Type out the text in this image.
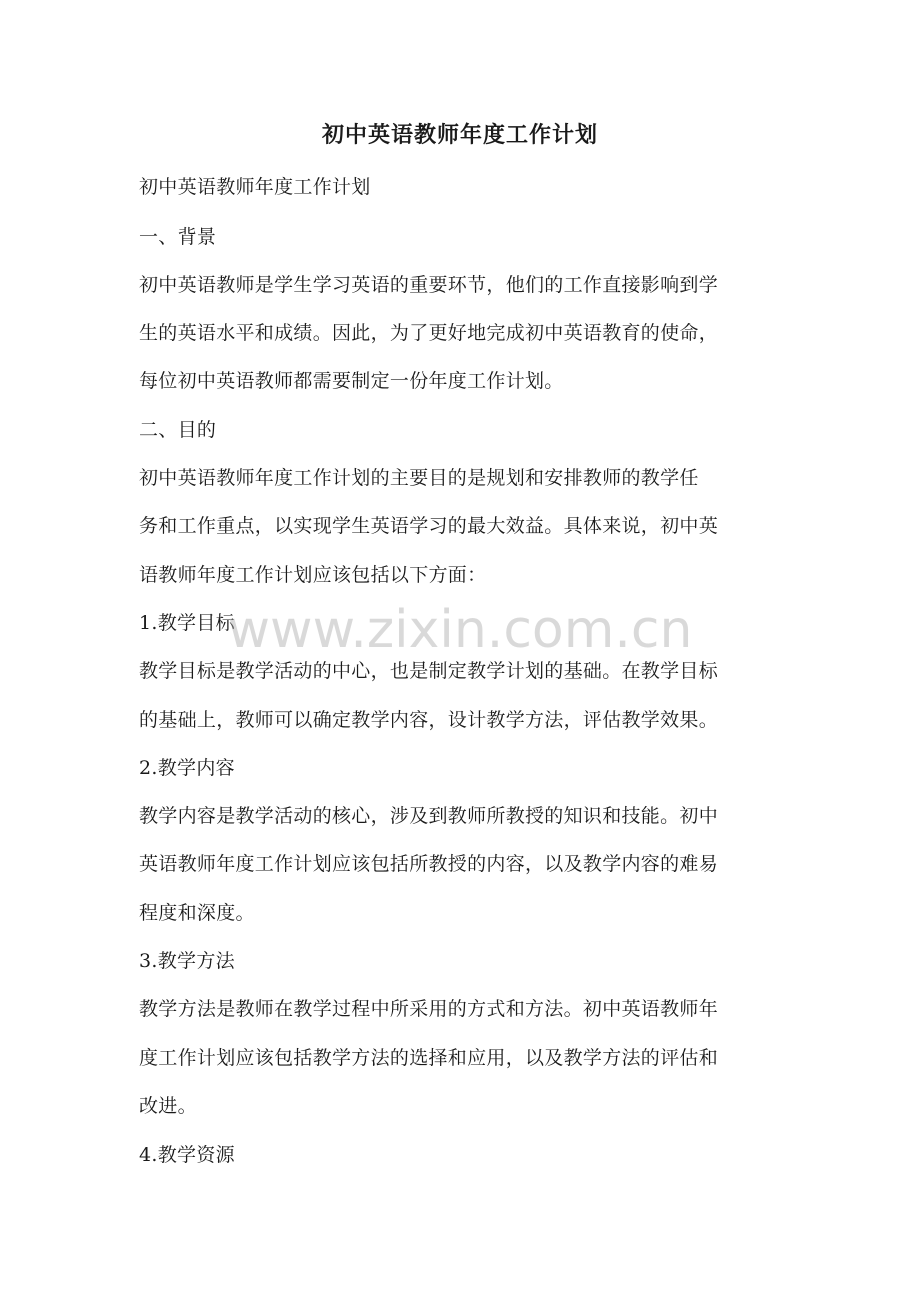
初中英语教师年度工作计划
初中英语教师年度工作计划
一、背景
初中英语教师是学生学习英语的重要环节，他们的工作直接影响到学
生的英语水平和成绩。因此，为了更好地完成初中英语教育的使命，
每位初中英语教师都需要制定一份年度工作计划。
二、目的
初中英语教师年度工作计划的主要目的是规划和安排教师的教学任
务和工作重点，以实现学生英语学习的最大效益。具体来说，初中英
语教师年度工作计划应该包括以下方面：
1.教学目标
教学目标是教学活动的中心，也是制定教学计划的基础。在教学目标
的基础上，教师可以确定教学内容，设计教学方法，评估教学效果。
2.教学内容
教学内容是教学活动的核心，涉及到教师所教授的知识和技能。初中
英语教师年度工作计划应该包括所教授的内容，以及教学内容的难易
程度和深度。
3.教学方法
教学方法是教师在教学过程中所采用的方式和方法。初中英语教师年
度工作计划应该包括教学方法的选择和应用，以及教学方法的评估和
改进。
4.教学资源
www.zixin.com.cn
